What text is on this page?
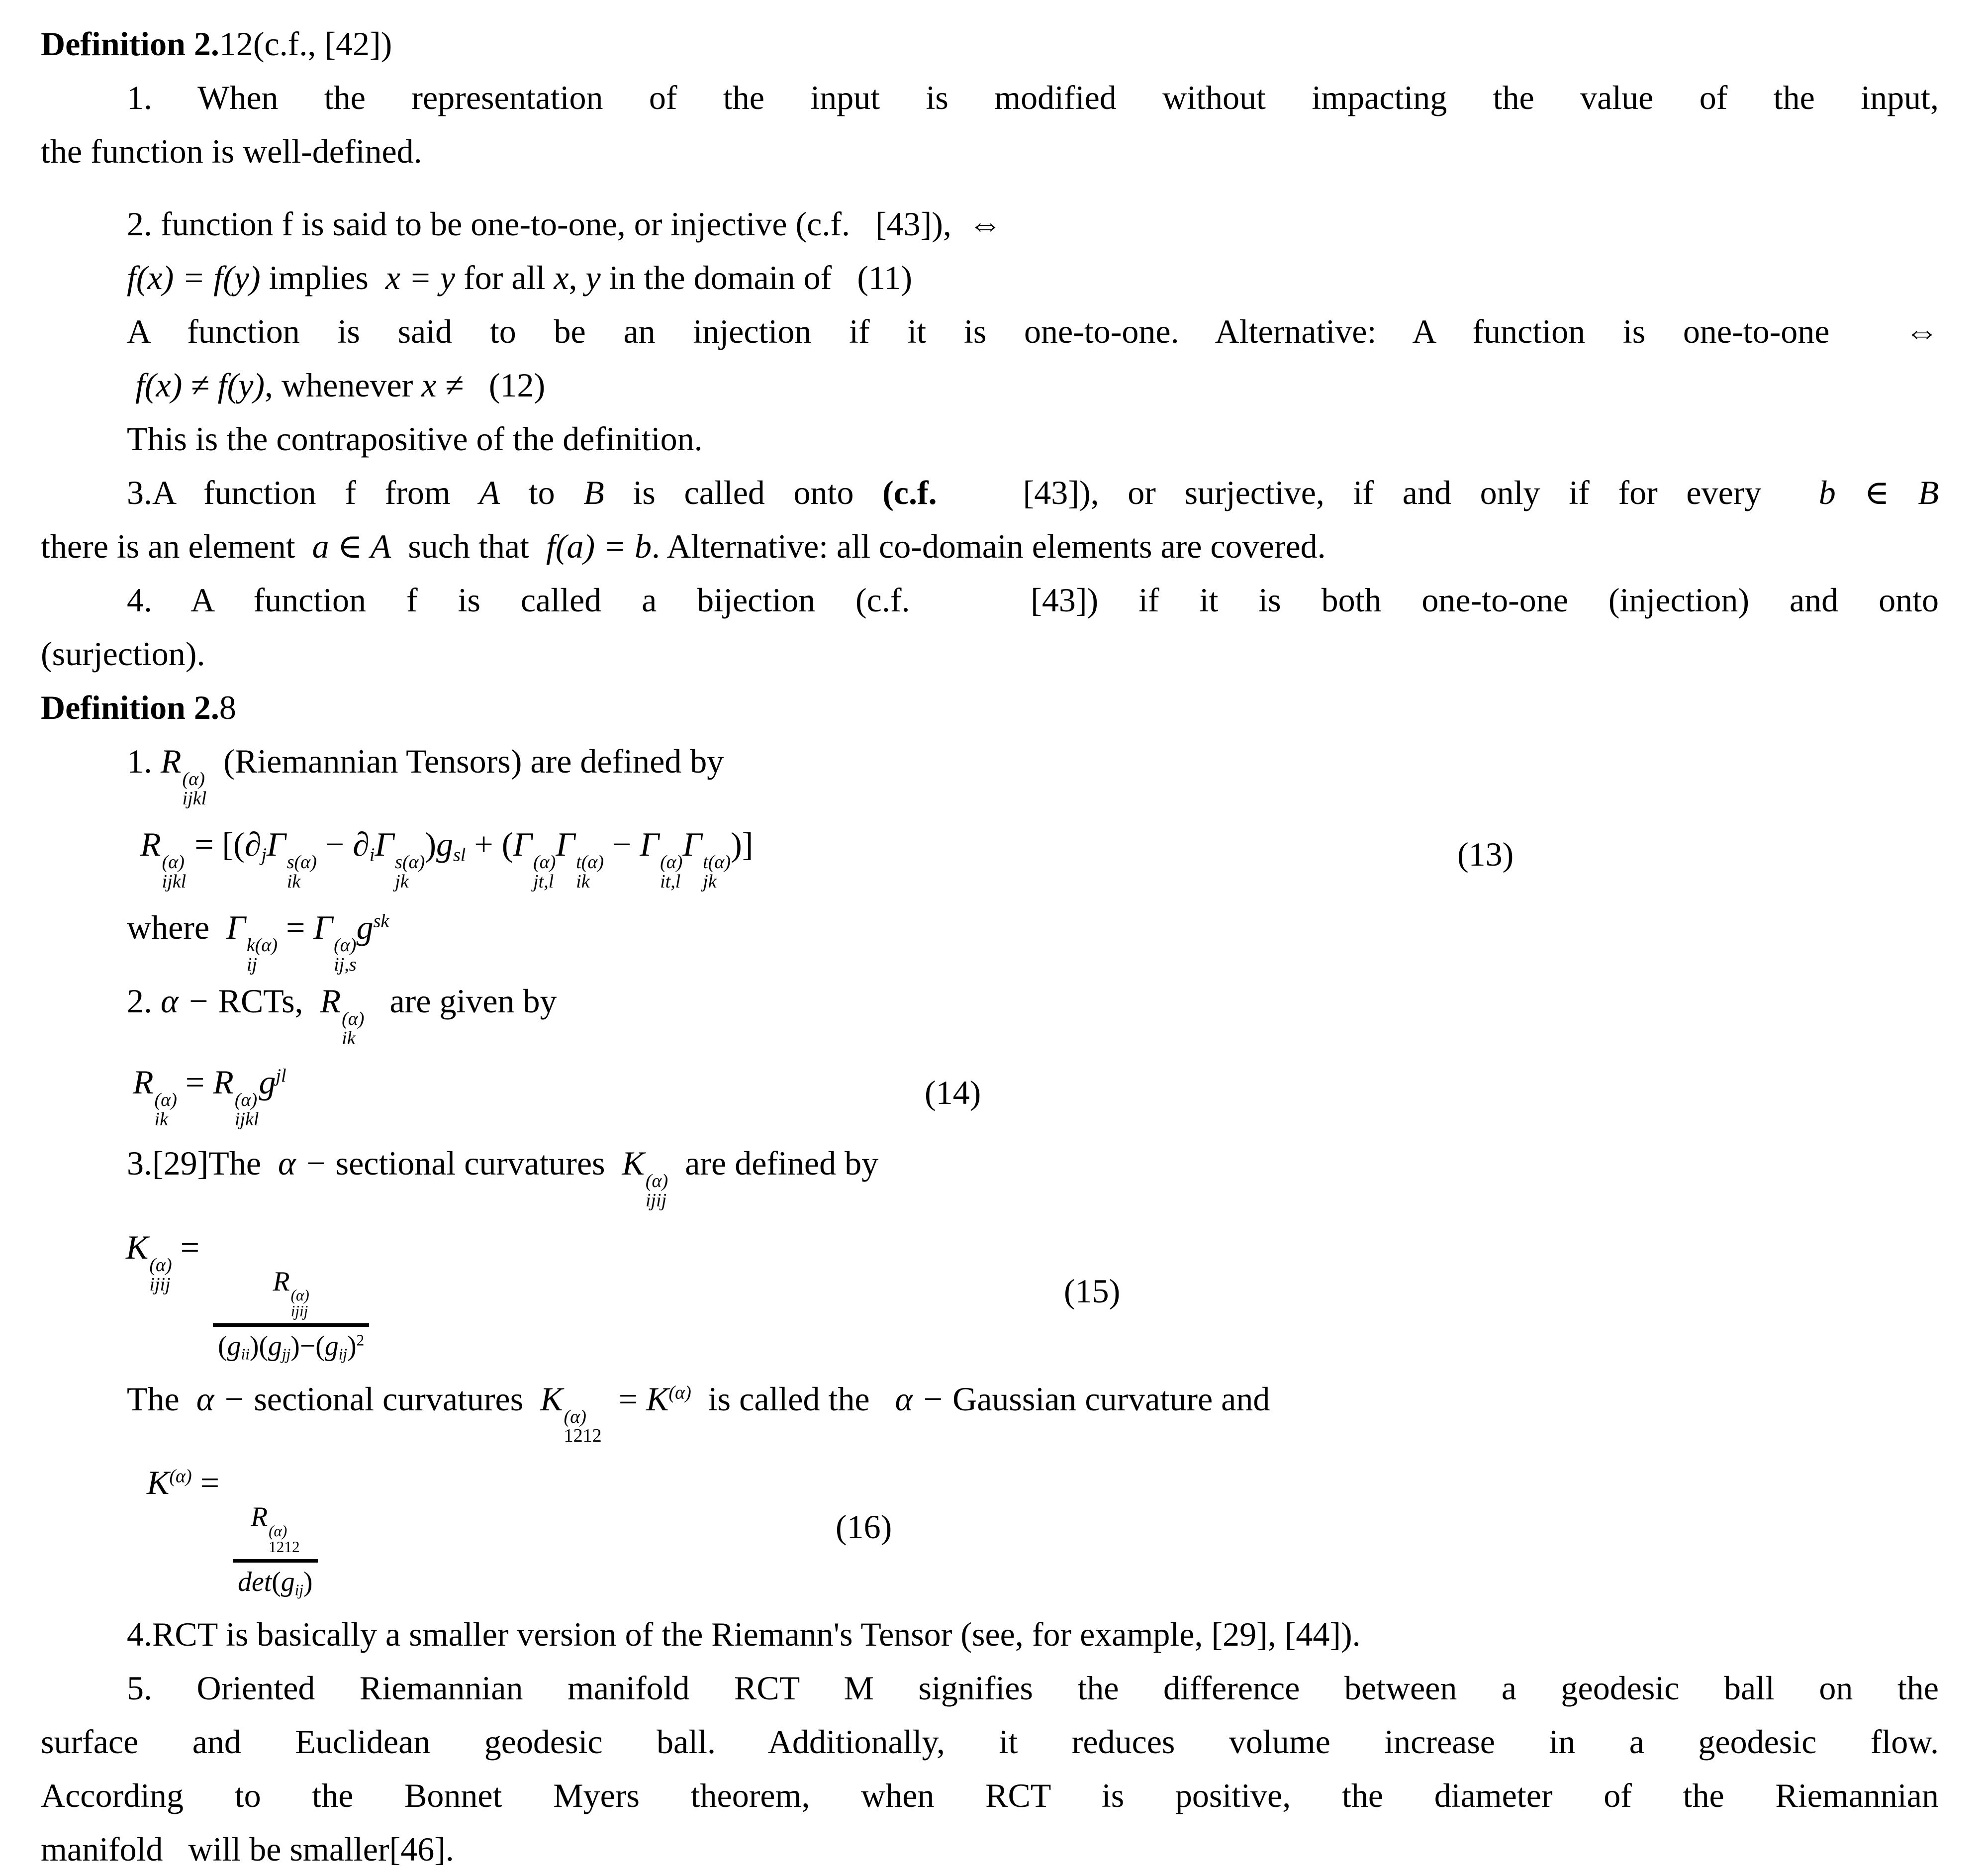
Definition 2.12(c.f., [42])
1. When the representation of the input is modified without impacting the value of the input,
the function is well-defined.
2. function f is said to be one-to-one, or injective (c.f.   [43]),  ⇔
f(x) = f(y) implies  x = y for all x, y in the domain of   (11)
A function is said to be an injection if it is one-to-one. Alternative: A function is one-to-one  ⇔
f(x) ≠ f(y), whenever x ≠   (12)
This is the contrapositive of the definition.
3.A function f from A to B is called onto (c.f.   [43]), or surjective, if and only if for every  b ∈ B
there is an element  a ∈ A  such that  f(a) = b. Alternative: all co-domain elements are covered.
4. A function f is called a bijection (c.f.   [43]) if it is both one-to-one (injection) and onto
(surjection).
Definition 2.8
1. R (α)
ijkl
(Riemannian Tensors) are defined by
R (α)
ijkl
= [($\partial_j\Gamma$ s(α)
ik
− $\partial_i\Gamma$ s(α)
jk
)$g_{sl} + (\Gamma$ (α)
jt,l
Γ t(α)
ik
− Γ (α)
it,l
Γ t(α)
jk
)]	(13)
where  Γ k(α)
ij
= Γ (α)
ij,s
$g^{sk}$
2. α − RCTs,  R (α)
ik
are given by
R (α)
ik
= R (α)
ijkl
$g^{jl}$	(14)
3.[29]The  α − sectional curvatures  K (α)
ijij
are defined by
K (α)
ijij
=
R (α)
ijij
$(g_{ii})(g_{jj})-(g_{ij})^2$
(15)
The  α − sectional curvatures  K (α)
1212
= $K^{(\alpha)}$  is called the   α − Gaussian curvature and
$K^{(\alpha)}$ =
R (α)
1212
$\det(g_{ij})$
(16)
4.RCT is basically a smaller version of the Riemann's Tensor (see, for example, [29], [44]).
5. Oriented Riemannian manifold RCT M signifies the difference between a geodesic ball on the
surface and Euclidean geodesic ball. Additionally, it reduces volume increase in a geodesic flow.
According to the Bonnet Myers theorem, when RCT is positive, the diameter of the Riemannian
manifold   will be smaller[46].
